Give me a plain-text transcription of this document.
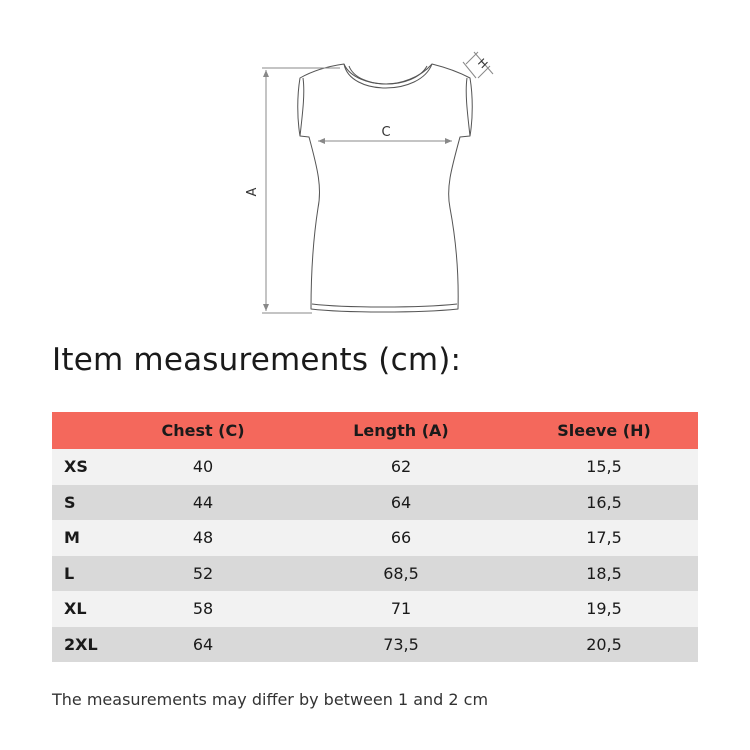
C
A
H
Item measurements (cm):
	Chest (C)	Length (A)	Sleeve (H)
XS	40	62	15,5
S	44	64	16,5
M	48	66	17,5
L	52	68,5	18,5
XL	58	71	19,5
2XL	64	73,5	20,5

The measurements may differ by between 1 and 2 cm
